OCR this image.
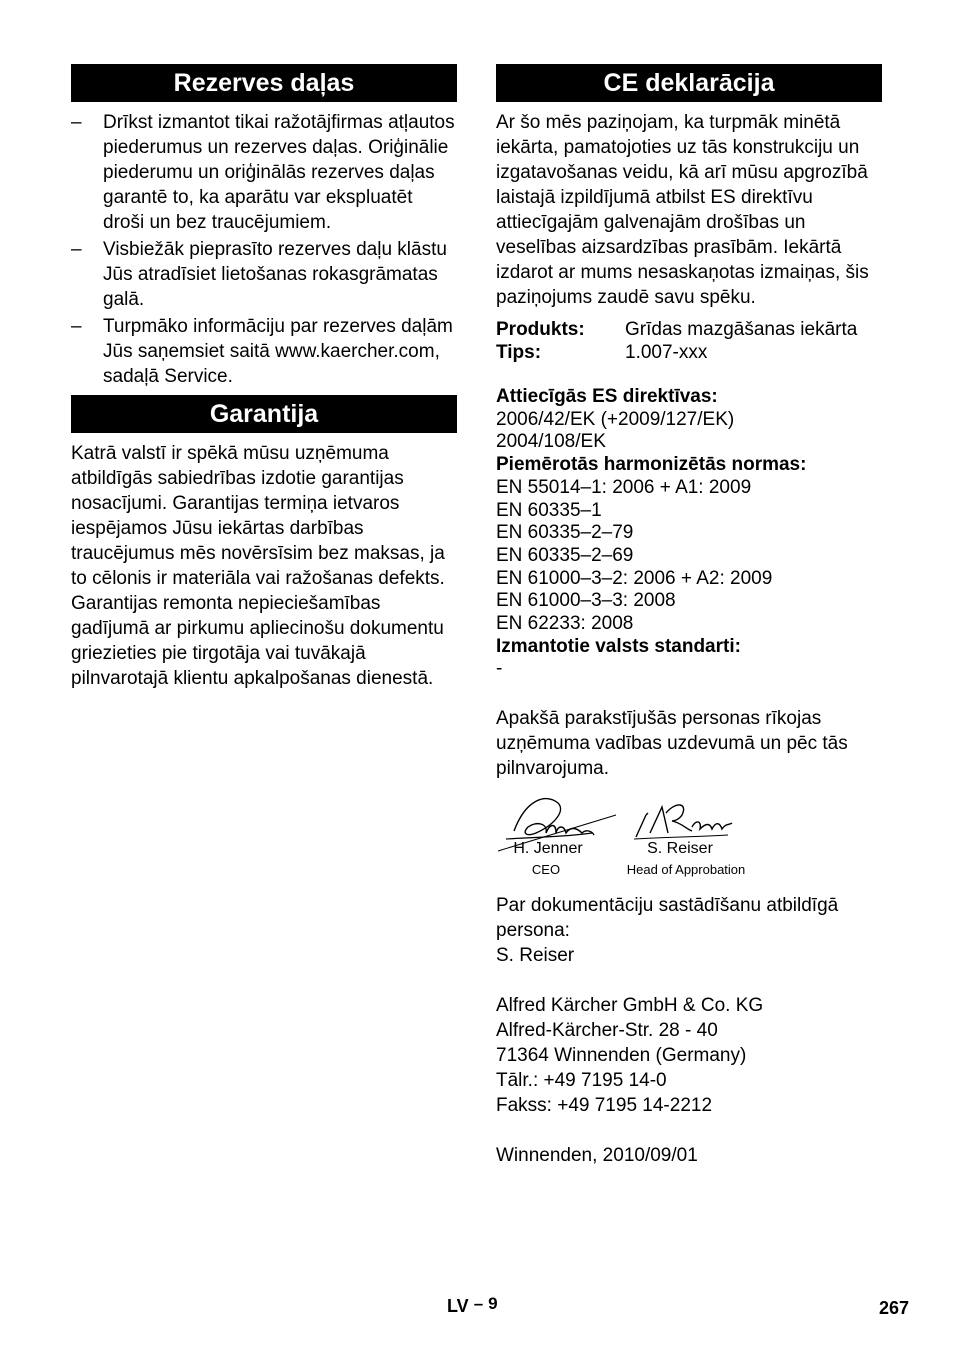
Rezerves daļas
– Drīkst izmantot tikai ražotājfirmas atļautos piederumus un rezerves daļas. Oriģinālie piederumu un oriģinālās rezerves daļas garantē to, ka aparātu var ekspluatēt droši un bez traucējumiem.
– Visbiežāk pieprasīto rezerves daļu klāstu Jūs atradīsiet lietošanas rokasgrāmatas galā.
– Turpmāko informāciju par rezerves daļām Jūs saņemsiet saitā www.kaercher.com, sadaļā Service.
Garantija

Katrā valstī ir spēkā mūsu uzņēmuma atbildīgās sabiedrības izdotie garantijas nosacījumi. Garantijas termiņa ietvaros iespējamos Jūsu iekārtas darbības traucējumus mēs novērsīsim bez maksas, ja to cēlonis ir materiāla vai ražošanas defekts. Garantijas remonta nepieciešamības gadījumā ar pirkumu apliecinošu dokumentu griezieties pie tirgotāja vai tuvākajā pilnvarotajā klientu apkalpošanas dienestā.

CE deklarācija

Ar šo mēs paziņojam, ka turpmāk minētā iekārta, pamatojoties uz tās konstrukciju un izgatavošanas veidu, kā arī mūsu apgrozībā laistajā izpildījumā atbilst ES direktīvu attiecīgajām galvenajām drošības un veselības aizsardzības prasībām. Iekārtā izdarot ar mums nesaskaņotas izmaiņas, šis paziņojums zaudē savu spēku.

Produkts:	Grīdas mazgāšanas iekārta
Tips:	1.007-xxx
Attiecīgās ES direktīvas:
2006/42/EK (+2009/127/EK)
2004/108/EK
Piemērotās harmonizētās normas:
EN 55014–1: 2006 + A1: 2009
EN 60335–1
EN 60335–2–79
EN 60335–2–69
EN 61000–3–2: 2006 + A2: 2009
EN 61000–3–3: 2008
EN 62233: 2008
Izmantotie valsts standarti:
-

Apakšā parakstījušās personas rīkojas uzņēmuma vadības uzdevumā un pēc tās pilnvarojuma.

H. Jenner
CEO
S. Reiser
Head of Approbation

Par dokumentāciju sastādīšanu atbildīgā persona:

S. Reiser

Alfred Kärcher GmbH & Co. KG
Alfred-Kärcher-Str. 28 - 40
71364 Winnenden (Germany)
Tālr.: +49 7195 14-0
Fakss: +49 7195 14-2212

Winnenden, 2010/09/01

LV – 9	267
